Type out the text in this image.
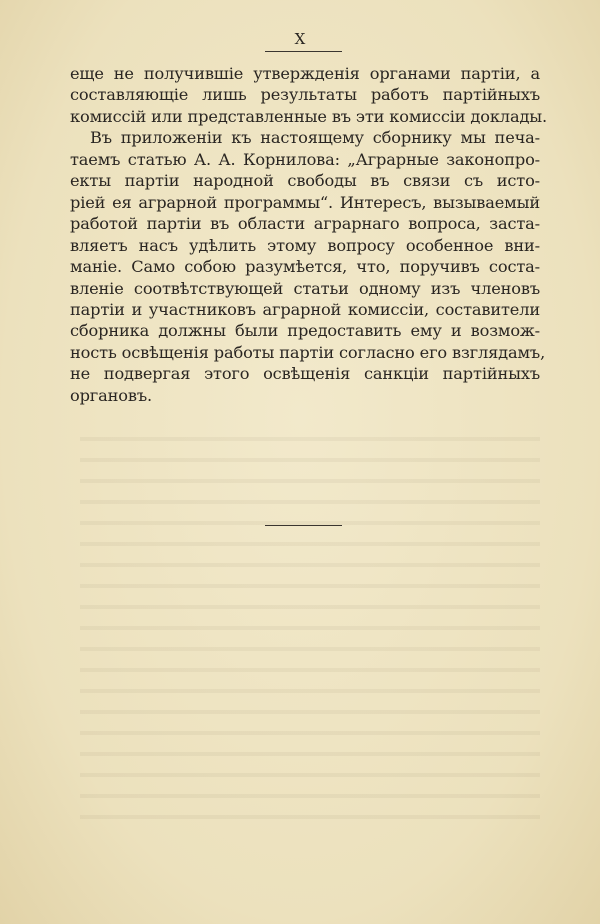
X
еще не получившіе утвержденія органами партіи, а
составляющіе лишь результаты работъ партійныхъ
комиссій или представленные въ эти комиссіи доклады.
Въ приложеніи къ настоящему сборнику мы печа-
таемъ статью А. А. Корнилова: „Аграрные законопро-
екты партіи народной свободы въ связи съ исто-
ріей ея аграрной программы“. Интересъ, вызываемый
работой партіи въ области аграрнаго вопроса, заста-
вляетъ насъ удѣлить этому вопросу особенное вни-
маніе. Само собою разумѣется, что, поручивъ соста-
вленіе соотвѣтствующей статьи одному изъ членовъ
партіи и участниковъ аграрной комиссіи, составители
сборника должны были предоставить ему и возмож-
ность освѣщенія работы партіи согласно его взглядамъ,
не подвергая этого освѣщенія санкціи партійныхъ
органовъ.
